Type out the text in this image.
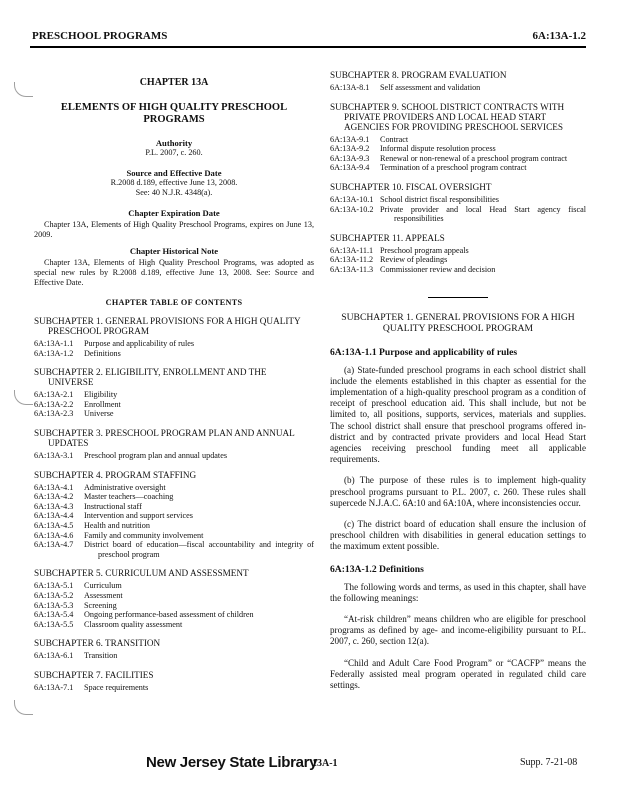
PRESCHOOL PROGRAMS	6A:13A-1.2
CHAPTER 13A
ELEMENTS OF HIGH QUALITY PRESCHOOL PROGRAMS
Authority
P.L. 2007, c. 260.
Source and Effective Date
R.2008 d.189, effective June 13, 2008.
See: 40 N.J.R. 4348(a).
Chapter Expiration Date
Chapter 13A, Elements of High Quality Preschool Programs, expires on June 13, 2009.
Chapter Historical Note
Chapter 13A, Elements of High Quality Preschool Programs, was adopted as special new rules by R.2008 d.189, effective June 13, 2008. See: Source and Effective Date.
CHAPTER TABLE OF CONTENTS
SUBCHAPTER 1. GENERAL PROVISIONS FOR A HIGH QUALITY PRESCHOOL PROGRAM
6A:13A-1.1	Purpose and applicability of rules
6A:13A-1.2	Definitions
SUBCHAPTER 2. ELIGIBILITY, ENROLLMENT AND THE UNIVERSE
6A:13A-2.1	Eligibility
6A:13A-2.2	Enrollment
6A:13A-2.3	Universe
SUBCHAPTER 3. PRESCHOOL PROGRAM PLAN AND ANNUAL UPDATES
6A:13A-3.1	Preschool program plan and annual updates
SUBCHAPTER 4. PROGRAM STAFFING
6A:13A-4.1	Administrative oversight
6A:13A-4.2	Master teachers—coaching
6A:13A-4.3	Instructional staff
6A:13A-4.4	Intervention and support services
6A:13A-4.5	Health and nutrition
6A:13A-4.6	Family and community involvement
6A:13A-4.7	District board of education—fiscal accountability and integrity of preschool program
SUBCHAPTER 5. CURRICULUM AND ASSESSMENT
6A:13A-5.1	Curriculum
6A:13A-5.2	Assessment
6A:13A-5.3	Screening
6A:13A-5.4	Ongoing performance-based assessment of children
6A:13A-5.5	Classroom quality assessment
SUBCHAPTER 6. TRANSITION
6A:13A-6.1	Transition
SUBCHAPTER 7. FACILITIES
6A:13A-7.1	Space requirements
SUBCHAPTER 8. PROGRAM EVALUATION
6A:13A-8.1	Self assessment and validation
SUBCHAPTER 9. SCHOOL DISTRICT CONTRACTS WITH PRIVATE PROVIDERS AND LOCAL HEAD START AGENCIES FOR PROVIDING PRESCHOOL SERVICES
6A:13A-9.1	Contract
6A:13A-9.2	Informal dispute resolution process
6A:13A-9.3	Renewal or non-renewal of a preschool program contract
6A:13A-9.4	Termination of a preschool program contract
SUBCHAPTER 10. FISCAL OVERSIGHT
6A:13A-10.1 School district fiscal responsibilities
6A:13A-10.2 Private provider and local Head Start agency fiscal responsibilities
SUBCHAPTER 11. APPEALS
6A:13A-11.1 Preschool program appeals
6A:13A-11.2 Review of pleadings
6A:13A-11.3 Commissioner review and decision
SUBCHAPTER 1. GENERAL PROVISIONS FOR A HIGH QUALITY PRESCHOOL PROGRAM
6A:13A-1.1 Purpose and applicability of rules

(a) State-funded preschool programs in each school district shall include the elements established in this chapter as essential for the implementation of a high-quality preschool program as a condition of receipt of preschool education aid. This shall include, but not be limited to, all positions, supports, services, materials and supplies. The school district shall ensure that preschool programs offered in-district and by contracted private providers and local Head Start agencies receiving preschool funding meet all applicable requirements.

(b) The purpose of these rules is to implement high-quality preschool programs pursuant to P.L. 2007, c. 260. These rules shall supercede N.J.A.C. 6A:10 and 6A:10A, where inconsistencies occur.

(c) The district board of education shall ensure the inclusion of preschool children with disabilities in general education settings to the maximum extent possible.

6A:13A-1.2 Definitions

The following words and terms, as used in this chapter, shall have the following meanings:

“At-risk children” means children who are eligible for preschool programs as defined by age- and income-eligibility pursuant to P.L. 2007, c. 260, section 12(a).

“Child and Adult Care Food Program” or “CACFP” means the Federally assisted meal program operated in regulated child care settings.

New Jersey State Library
13A-1	Supp. 7-21-08
